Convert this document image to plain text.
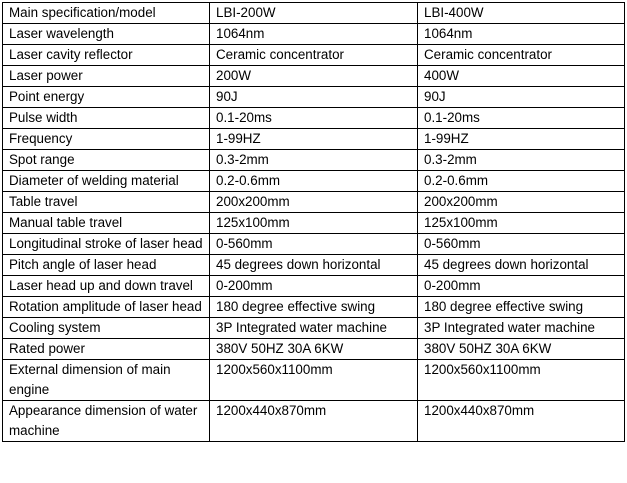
Main specification/model	LBI-200W	LBI-400W
Laser wavelength	1064nm	1064nm
Laser cavity reflector	Ceramic concentrator	Ceramic concentrator
Laser power	200W	400W
Point energy	90J	90J
Pulse width	0.1-20ms	0.1-20ms
Frequency	1-99HZ	1-99HZ
Spot range	0.3-2mm	0.3-2mm
Diameter of welding material	0.2-0.6mm	0.2-0.6mm
Table travel	200x200mm	200x200mm
Manual table travel	125x100mm	125x100mm
Longitudinal stroke of laser head	0-560mm	0-560mm
Pitch angle of laser head	45 degrees down horizontal	45 degrees down horizontal
Laser head up and down travel	0-200mm	0-200mm
Rotation amplitude of laser head	180 degree effective swing	180 degree effective swing
Cooling system	3P Integrated water machine	3P Integrated water machine
Rated power	380V 50HZ 30A 6KW	380V 50HZ 30A 6KW
External dimension of main engine	1200x560x1100mm	1200x560x1100mm
Appearance dimension of water machine	1200x440x870mm	1200x440x870mm
